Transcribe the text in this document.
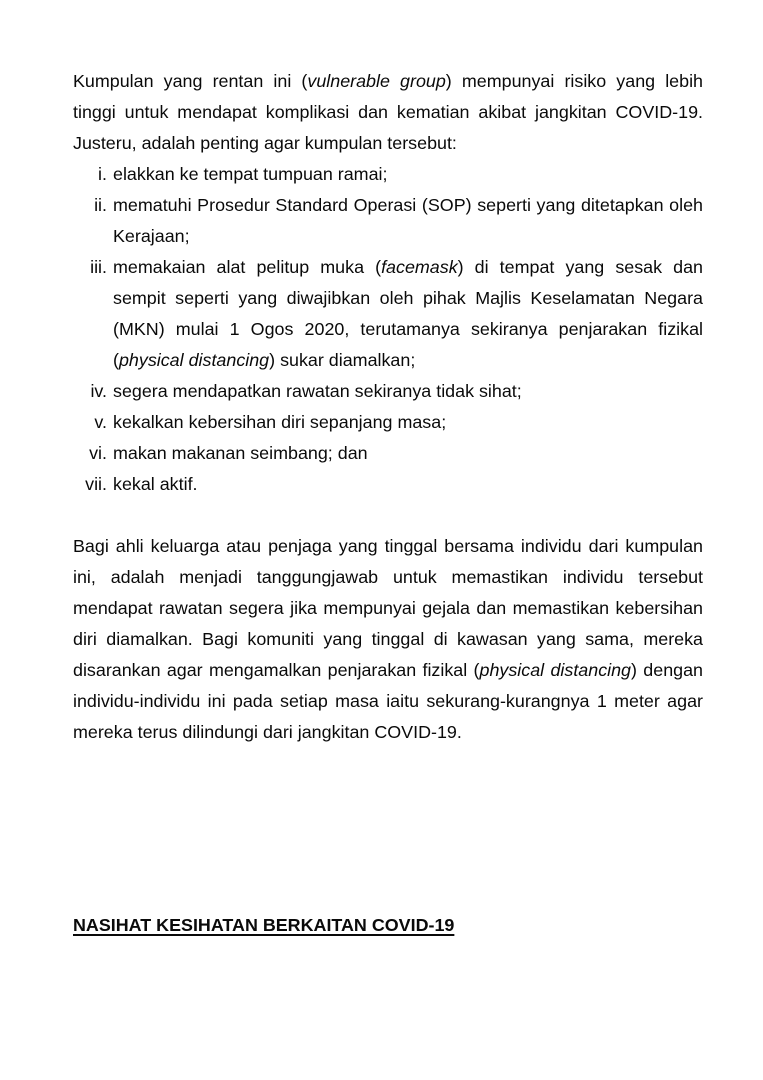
Kumpulan yang rentan ini (vulnerable group) mempunyai risiko yang lebih tinggi untuk mendapat komplikasi dan kematian akibat jangkitan COVID-19. Justeru, adalah penting agar kumpulan tersebut:

i. elakkan ke tempat tumpuan ramai;
ii. mematuhi Prosedur Standard Operasi (SOP) seperti yang ditetapkan oleh Kerajaan;
iii. memakaian alat pelitup muka (facemask) di tempat yang sesak dan sempit seperti yang diwajibkan oleh pihak Majlis Keselamatan Negara (MKN) mulai 1 Ogos 2020, terutamanya sekiranya penjarakan fizikal (physical distancing) sukar diamalkan;
iv. segera mendapatkan rawatan sekiranya tidak sihat;
v. kekalkan kebersihan diri sepanjang masa;
vi. makan makanan seimbang; dan
vii. kekal aktif.

Bagi ahli keluarga atau penjaga yang tinggal bersama individu dari kumpulan ini, adalah menjadi tanggungjawab untuk memastikan individu tersebut mendapat rawatan segera jika mempunyai gejala dan memastikan kebersihan diri diamalkan. Bagi komuniti yang tinggal di kawasan yang sama, mereka disarankan agar mengamalkan penjarakan fizikal (physical distancing) dengan individu-individu ini pada setiap masa iaitu sekurang-kurangnya 1 meter agar mereka terus dilindungi dari jangkitan COVID-19.

NASIHAT KESIHATAN BERKAITAN COVID-19
